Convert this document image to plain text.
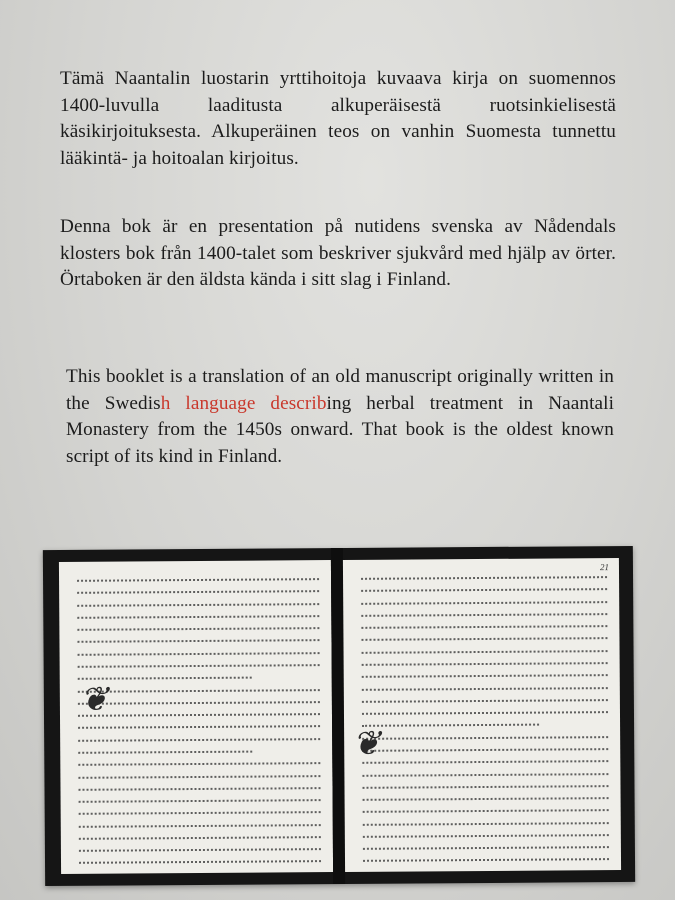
Tämä Naantalin luostarin yrttihoitoja kuvaava kirja on suomennos 1400-luvulla laaditusta alkuperäisestä ruotsinkielisestä käsikirjoituksesta. Alkuperäinen teos on vanhin Suomesta tunnettu lääkintä- ja hoitoalan kirjoitus.

Denna bok är en presentation på nutidens svenska av Nådendals klosters bok från 1400-talet som beskriver sjukvård med hjälp av örter. Örtaboken är den äldsta kända i sitt slag i Finland.

This booklet is a translation of an old manuscript originally written in the Swedish language describing herbal treatment in Naantali Monastery from the 1450s onward. That book is the oldest known script of its kind in Finland.

❦
21
❦
